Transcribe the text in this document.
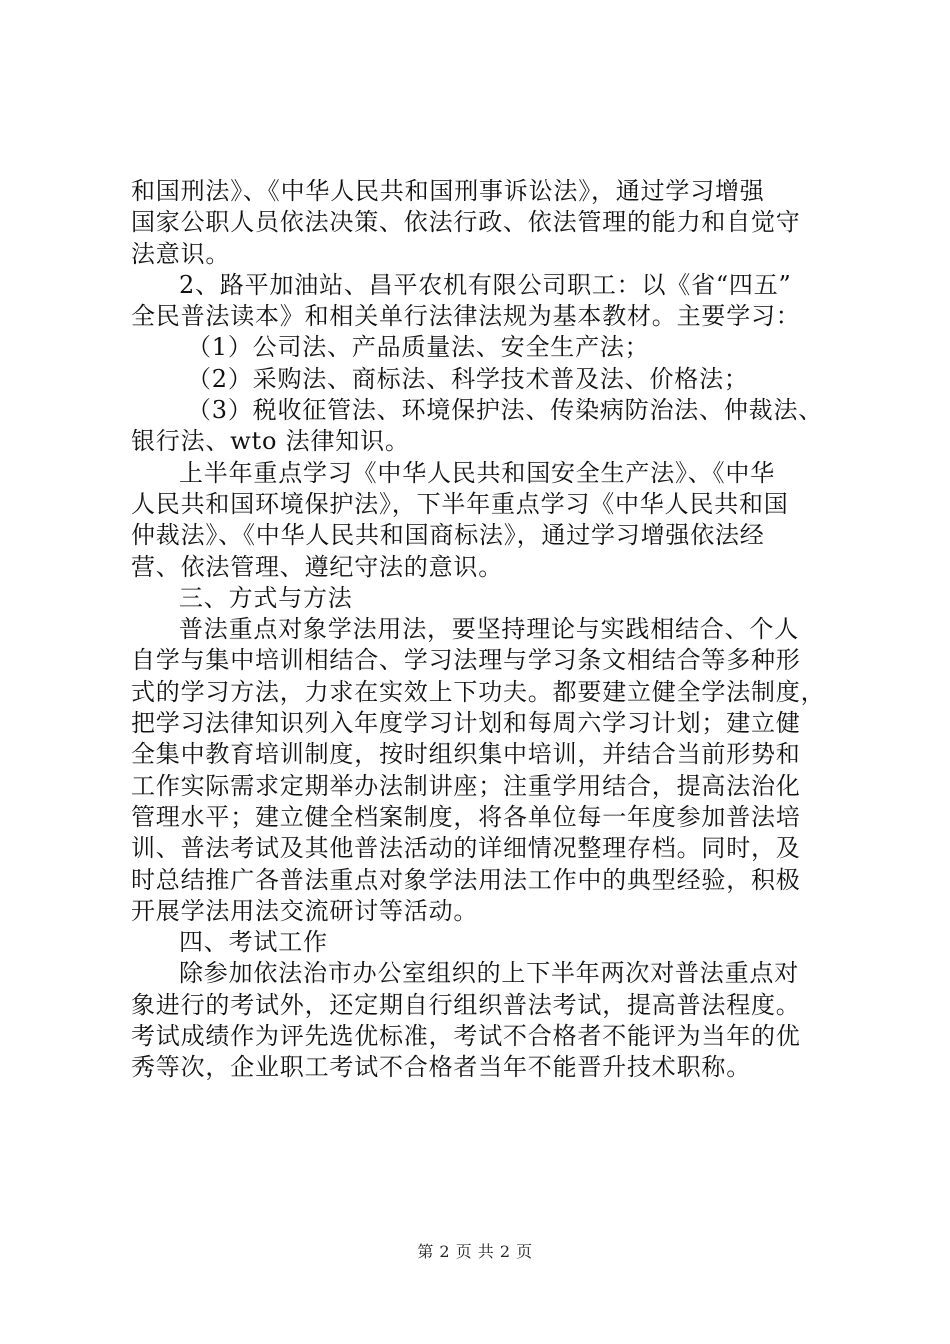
和国刑法》、《中华人民共和国刑事诉讼法》，通过学习增强
国家公职人员依法决策、依法行政、依法管理的能力和自觉守
法意识。
2、路平加油站、昌平农机有限公司职工：以《省“四五”
全民普法读本》和相关单行法律法规为基本教材。主要学习：
（1）公司法、产品质量法、安全生产法；
（2）采购法、商标法、科学技术普及法、价格法；
（3）税收征管法、环境保护法、传染病防治法、仲裁法、
银行法、wto 法律知识。
上半年重点学习《中华人民共和国安全生产法》、《中华
人民共和国环境保护法》，下半年重点学习《中华人民共和国
仲裁法》、《中华人民共和国商标法》，通过学习增强依法经
营、依法管理、遵纪守法的意识。
三、方式与方法
普法重点对象学法用法，要坚持理论与实践相结合、个人
自学与集中培训相结合、学习法理与学习条文相结合等多种形
式的学习方法，力求在实效上下功夫。都要建立健全学法制度，
把学习法律知识列入年度学习计划和每周六学习计划；建立健
全集中教育培训制度，按时组织集中培训，并结合当前形势和
工作实际需求定期举办法制讲座；注重学用结合，提高法治化
管理水平；建立健全档案制度，将各单位每一年度参加普法培
训、普法考试及其他普法活动的详细情况整理存档。同时，及
时总结推广各普法重点对象学法用法工作中的典型经验，积极
开展学法用法交流研讨等活动。
四、考试工作
除参加依法治市办公室组织的上下半年两次对普法重点对
象进行的考试外，还定期自行组织普法考试，提高普法程度。
考试成绩作为评先选优标准，考试不合格者不能评为当年的优
秀等次，企业职工考试不合格者当年不能晋升技术职称。
第 2 页 共 2 页
